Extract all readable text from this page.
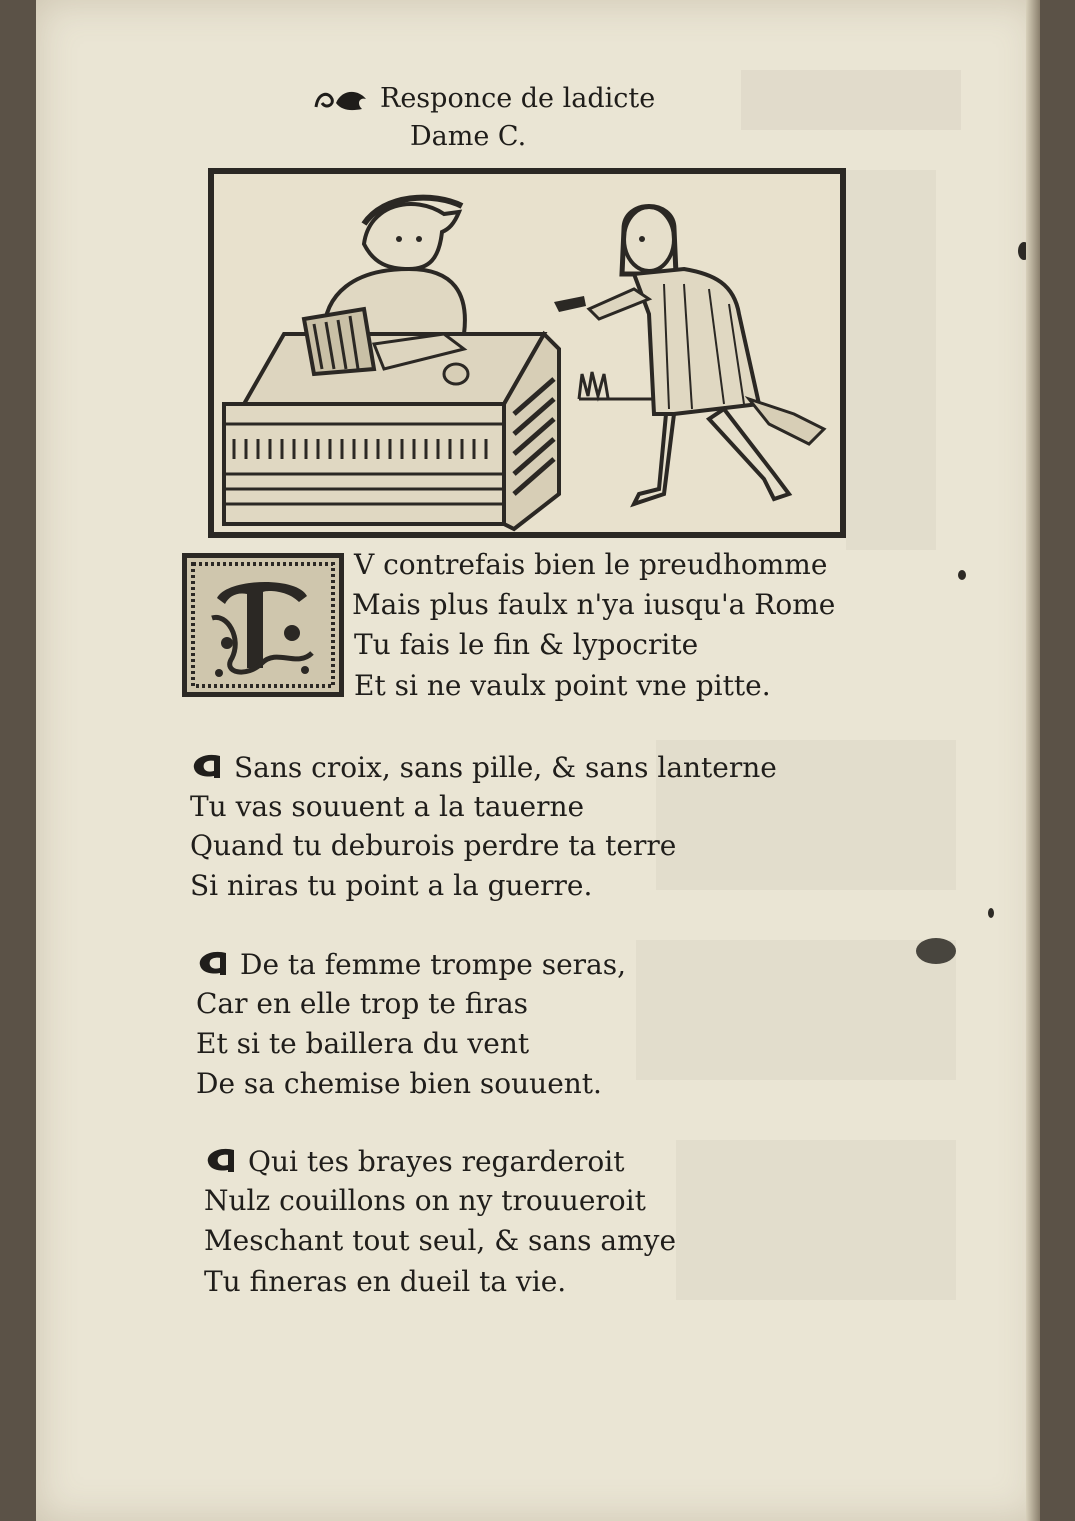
Responce de ladicte
Dame C.
V contrefais bien le preudhomme
Mais plus faulx n'ya iusqu'a Rome
Tu fais le fin & lypocrite
Et si ne vaulx point vne pitte.
Sans croix, sans pille, & sans lanterne
Tu vas souuent a la tauerne
Quand tu deburois perdre ta terre
Si niras tu point a la guerre.
De ta femme trompe seras,
Car en elle trop te firas
Et si te baillera du vent
De sa chemise bien souuent.
Qui tes brayes regarderoit
Nulz couillons on ny trouueroit
Meschant tout seul, & sans amye
Tu fineras en dueil ta vie.
